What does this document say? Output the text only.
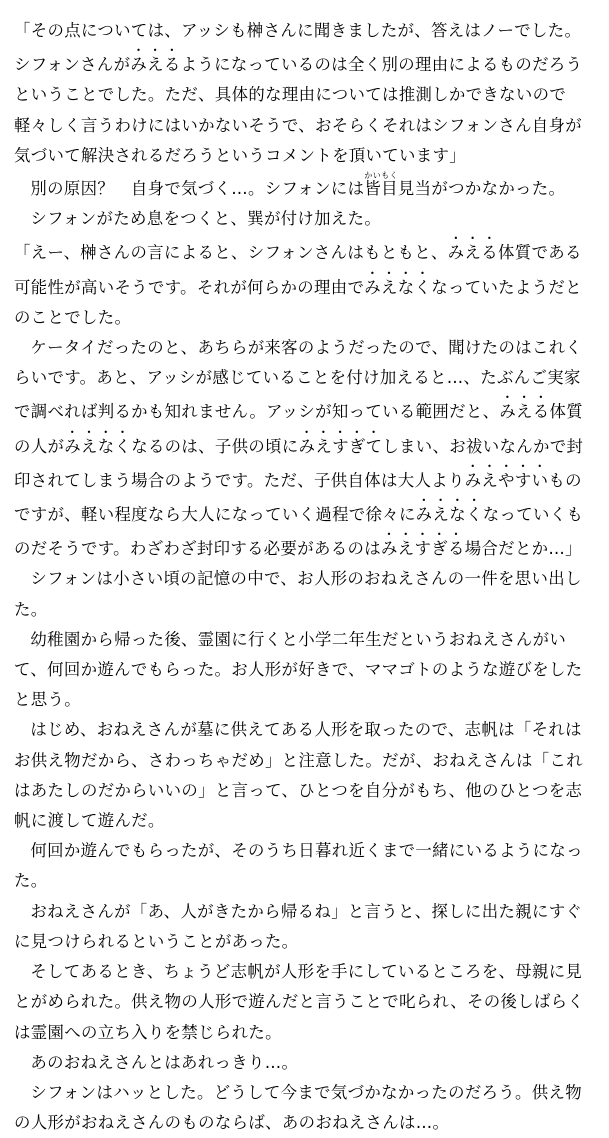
「その点については、アッシも榊さんに聞きましたが、答えはノーでした。シフォンさんがみえるようになっているのは全く別の理由によるものだろうということでした。ただ、具体的な理由については推測しかできないので軽々しく言うわけにはいかないそうで、おそらくそれはシフォンさん自身が気づいて解決されるだろうというコメントを頂いています」

別の原因？　自身で気づく…。シフォンには皆目かいもく見当がつかなかった。

シフォンがため息をつくと、巽が付け加えた。

「えー、榊さんの言によると、シフォンさんはもともと、みえる体質である可能性が高いそうです。それが何らかの理由でみえなくなっていたようだとのことでした。

ケータイだったのと、あちらが来客のようだったので、聞けたのはこれくらいです。あと、アッシが感じていることを付け加えると…、たぶんご実家で調べれば判るかも知れません。アッシが知っている範囲だと、みえる体質の人がみえなくなるのは、子供の頃にみえすぎてしまい、お祓いなんかで封印されてしまう場合のようです。ただ、子供自体は大人よりみえやすいものですが、軽い程度なら大人になっていく過程で徐々にみえなくなっていくものだそうです。わざわざ封印する必要があるのはみえすぎる場合だとか…」

シフォンは小さい頃の記憶の中で、お人形のおねえさんの一件を思い出した。

幼稚園から帰った後、霊園に行くと小学二年生だというおねえさんがいて、何回か遊んでもらった。お人形が好きで、ママゴトのような遊びをしたと思う。

はじめ、おねえさんが墓に供えてある人形を取ったので、志帆は「それはお供え物だから、さわっちゃだめ」と注意した。だが、おねえさんは「これはあたしのだからいいの」と言って、ひとつを自分がもち、他のひとつを志帆に渡して遊んだ。

何回か遊んでもらったが、そのうち日暮れ近くまで一緒にいるようになった。

おねえさんが「あ、人がきたから帰るね」と言うと、探しに出た親にすぐに見つけられるということがあった。

そしてあるとき、ちょうど志帆が人形を手にしているところを、母親に見とがめられた。供え物の人形で遊んだと言うことで叱られ、その後しばらくは霊園への立ち入りを禁じられた。

あのおねえさんとはあれっきり…。

シフォンはハッとした。どうして今まで気づかなかったのだろう。供え物の人形がおねえさんのものならば、あのおねえさんは…。
